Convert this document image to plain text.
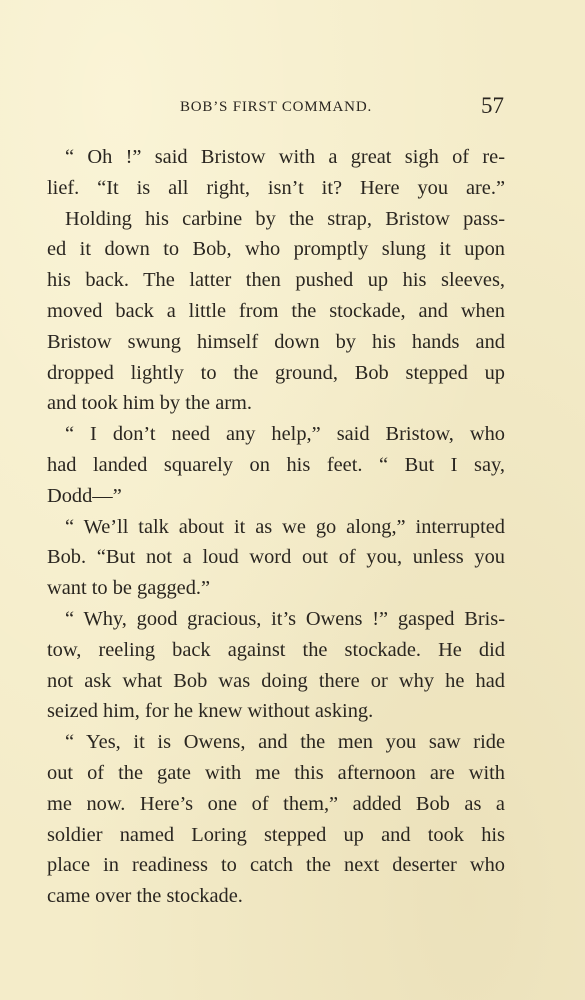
BOB’S FIRST COMMAND.	57
“ Oh !” said Bristow with a great sigh of re-
lief. “It is all right, isn’t it? Here you are.”
Holding his carbine by the strap, Bristow pass-
ed it down to Bob, who promptly slung it upon
his back. The latter then pushed up his sleeves,
moved back a little from the stockade, and when
Bristow swung himself down by his hands and
dropped lightly to the ground, Bob stepped up
and took him by the arm.
“ I don’t need any help,” said Bristow, who
had landed squarely on his feet. “ But I say,
Dodd—”
“ We’ll talk about it as we go along,” interrupted
Bob. “But not a loud word out of you, unless you
want to be gagged.”
“ Why, good gracious, it’s Owens !” gasped Bris-
tow, reeling back against the stockade. He did
not ask what Bob was doing there or why he had
seized him, for he knew without asking.
“ Yes, it is Owens, and the men you saw ride
out of the gate with me this afternoon are with
me now. Here’s one of them,” added Bob as a
soldier named Loring stepped up and took his
place in readiness to catch the next deserter who
came over the stockade.
